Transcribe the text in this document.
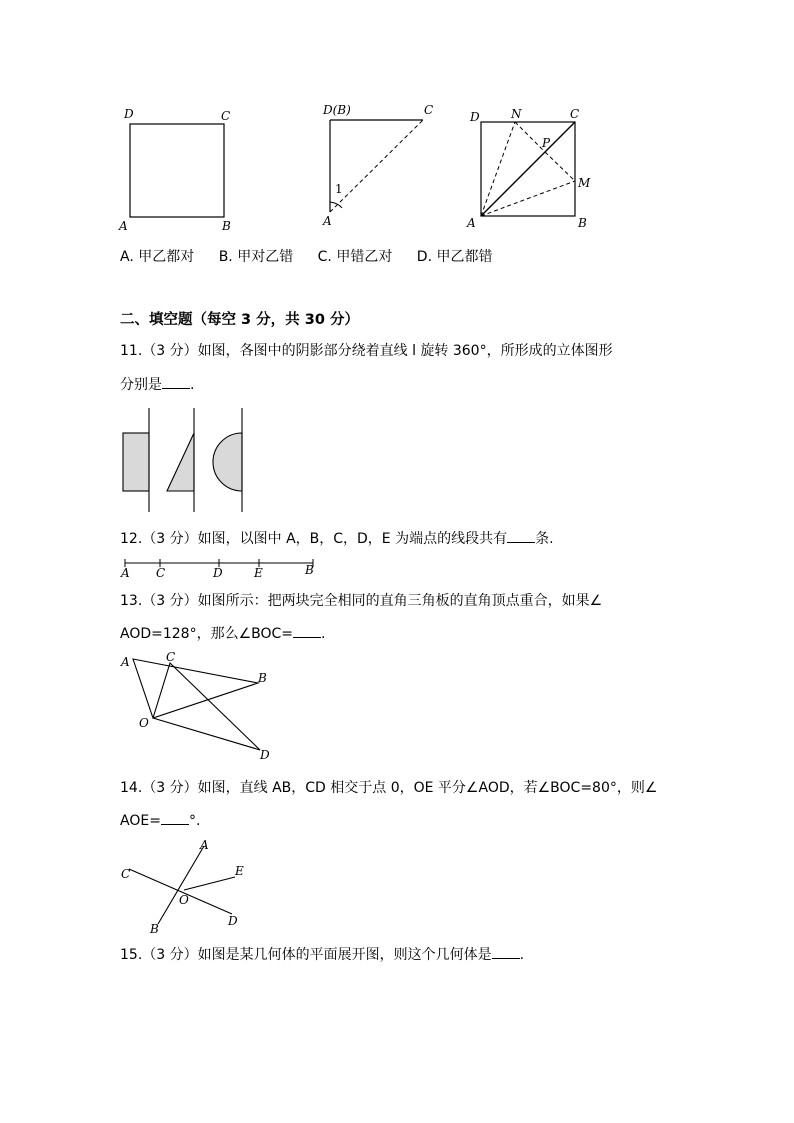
D	C
A	B
D(B)	C
A
1
D	N	C
P
M
A	B
A. 甲乙都对 B. 甲对乙错 C. 甲错乙对 D. 甲乙都错
二、填空题（每空 3 分，共 30 分）
11.（3 分）如图，各图中的阴影部分绕着直线 l 旋转 360°，所形成的立体图形
分别是 .
12.（3 分）如图，以图中 A，B，C，D，E 为端点的线段共有 条.
A C	D	E	B
13.（3 分）如图所示：把两块完全相同的直角三角板的直角顶点重合，如果∠
AOD=128°，那么∠BOC= .
A	C
B
O
D
14.（3 分）如图，直线 AB，CD 相交于点 0，OE 平分∠AOD，若∠BOC=80°，则∠
AOE= °.
A
C	E
O
B
D
15.（3 分）如图是某几何体的平面展开图，则这个几何体是 .
